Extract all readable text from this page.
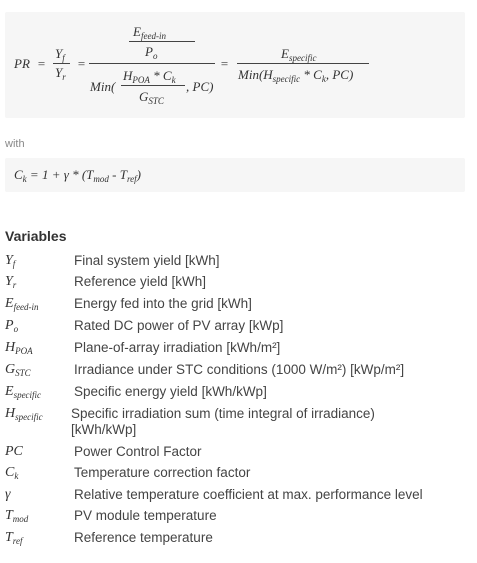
PR =
$Y_f$
$Y_r$
=
$E_{feed-in}$
$P_o$
Min(
$H_{POA} * C_k$
$G_{STC}$
, PC)
=
$E_{specific}$
$Min(H_{specific} * C_k$, PC)
with
$C_k = 1 + \gamma * (T_{mod} - T_{ref})$
Variables
$Y_f$	Final system yield [kWh]
$Y_r$	Reference yield [kWh]
$E_{feed-in}$	Energy fed into the grid [kWh]
$P_o$	Rated DC power of PV array [kWp]
$H_{POA}$	Plane-of-array irradiation [kWh/m²]
$G_{STC}$	Irradiance under STC conditions (1000 W/m²) [kWp/m²]
$E_{specific}$	Specific energy yield [kWh/kWp]
$H_{specific}$	Specific irradiation sum (time integral of irradiance)
[kWh/kWp]
PC	Power Control Factor
$C_k$	Temperature correction factor
γ	Relative temperature coefficient at max. performance level
$T_{mod}$	PV module temperature
$T_{ref}$	Reference temperature
